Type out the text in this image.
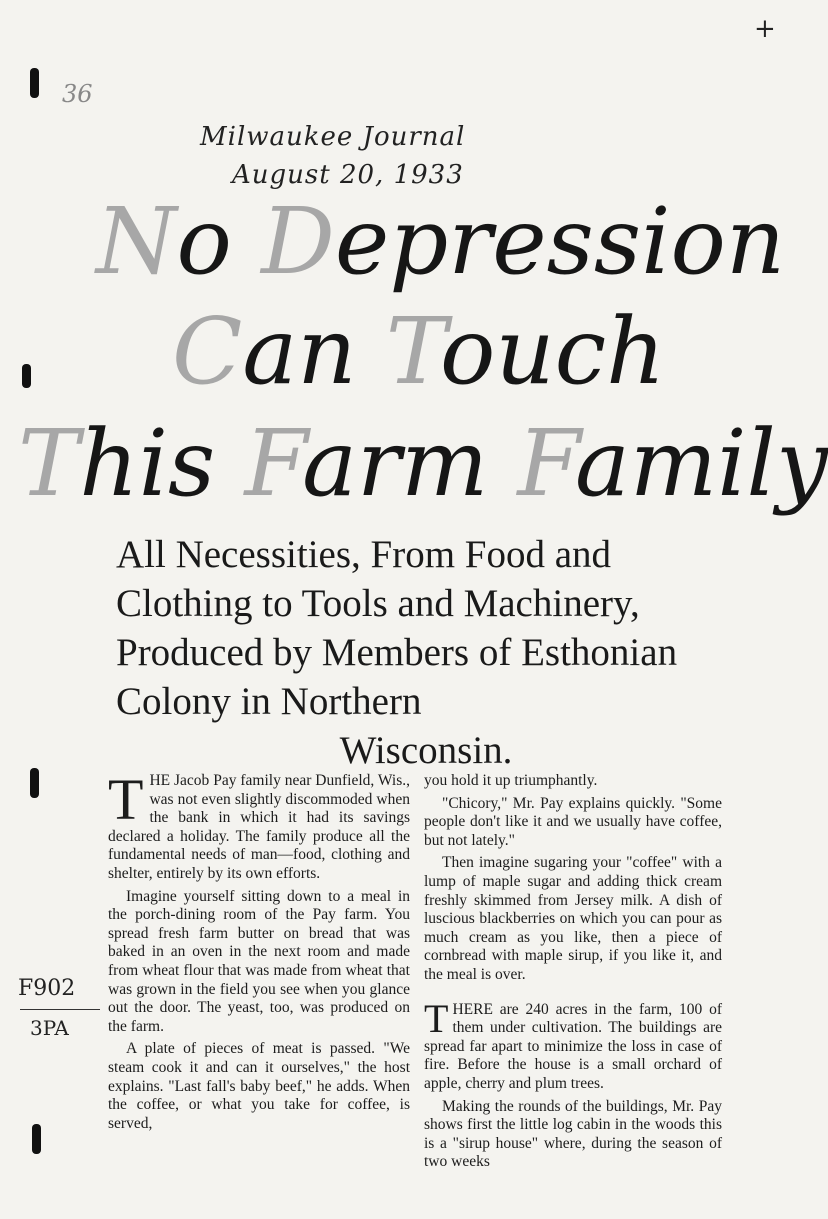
36
+
Milwaukee Journal
August 20, 1933
F902
3PA
No Depression
Can Touch
This Farm Family
All Necessities, From Food and Clothing to Tools and Machinery, Produced by Members of Esthonian Colony in Northern
Wisconsin.

THE Jacob Pay family near Dunfield, Wis., was not even slightly discommoded when the bank in which it had its savings declared a holiday. The family produce all the fundamental needs of man—food, clothing and shelter, entirely by its own efforts.

Imagine yourself sitting down to a meal in the porch-dining room of the Pay farm. You spread fresh farm butter on bread that was baked in an oven in the next room and made from wheat flour that was made from wheat that was grown in the field you see when you glance out the door. The yeast, too, was produced on the farm.

A plate of pieces of meat is passed. "We steam cook it and can it ourselves," the host explains. "Last fall's baby beef," he adds. When the coffee, or what you take for coffee, is served,

you hold it up triumphantly.

"Chicory," Mr. Pay explains quickly. "Some people don't like it and we usually have coffee, but not lately."

Then imagine sugaring your "coffee" with a lump of maple sugar and adding thick cream freshly skimmed from Jersey milk. A dish of luscious blackberries on which you can pour as much cream as you like, then a piece of cornbread with maple sirup, if you like it, and the meal is over.

THERE are 240 acres in the farm, 100 of them under cultivation. The buildings are spread far apart to minimize the loss in case of fire. Before the house is a small orchard of apple, cherry and plum trees.

Making the rounds of the buildings, Mr. Pay shows first the little log cabin in the woods this is a "sirup house" where, during the season of two weeks
